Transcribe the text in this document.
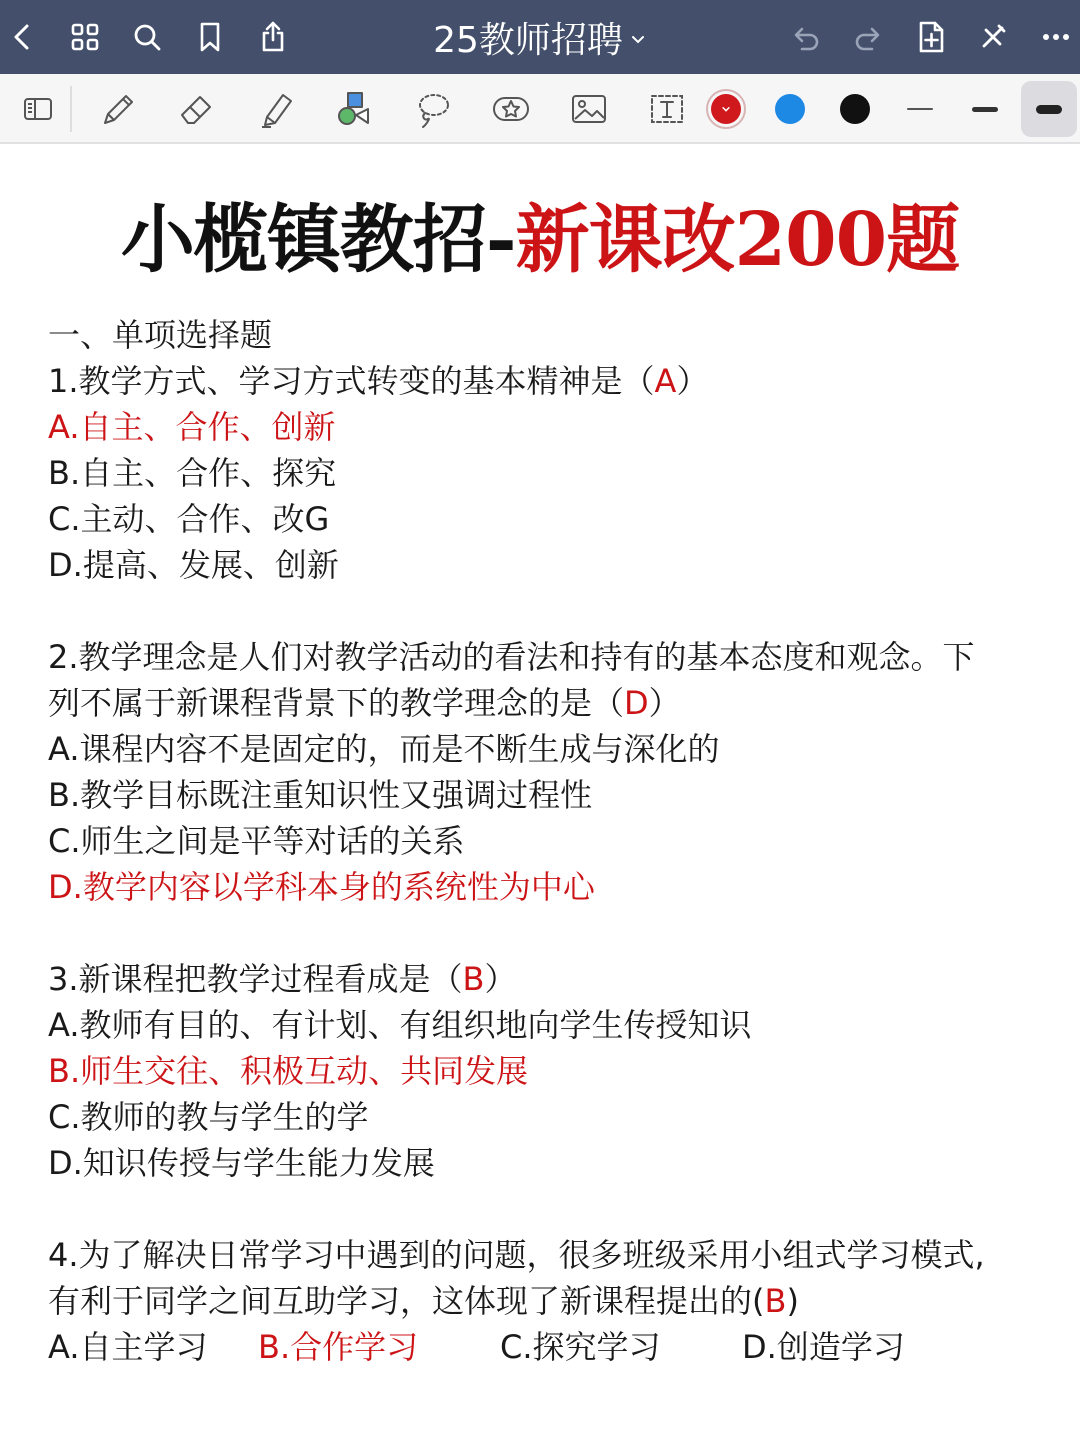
25教师招聘
小榄镇教招-新课改200题
一、单项选择题
1.教学方式、学习方式转变的基本精神是（A）
A.自主、合作、创新
B.自主、合作、探究
C.主动、合作、改G
D.提高、发展、创新
2.教学理念是人们对教学活动的看法和持有的基本态度和观念。下
列不属于新课程背景下的教学理念的是（D）
A.课程内容不是固定的，而是不断生成与深化的
B.教学目标既注重知识性又强调过程性
C.师生之间是平等对话的关系
D.教学内容以学科本身的系统性为中心
3.新课程把教学过程看成是（B）
A.教师有目的、有计划、有组织地向学生传授知识
B.师生交往、积极互动、共同发展
C.教师的教与学生的学
D.知识传授与学生能力发展
4.为了解决日常学习中遇到的问题，很多班级采用小组式学习模式,
有利于同学之间互助学习，这体现了新课程提出的(B)
A.自主学习	B.合作学习	C.探究学习	D.创造学习
